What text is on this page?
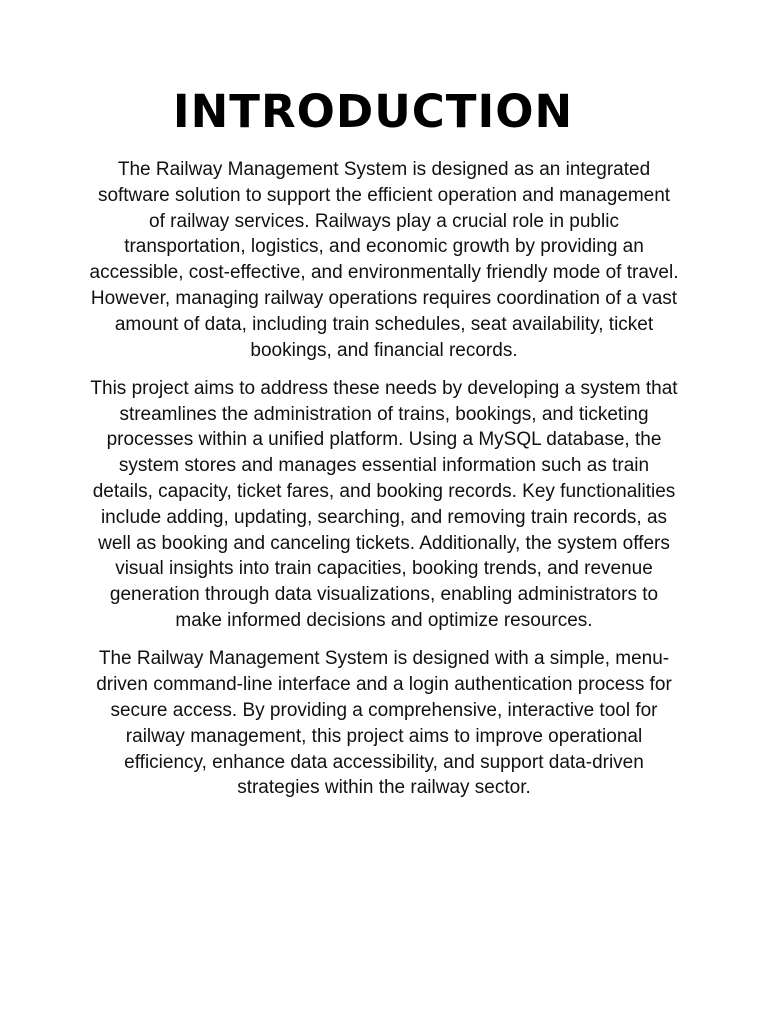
INTRODUCTION

The Railway Management System is designed as an integrated software solution to support the efficient operation and management of railway services. Railways play a crucial role in public transportation, logistics, and economic growth by providing an accessible, cost-effective, and environmentally friendly mode of travel. However, managing railway operations requires coordination of a vast amount of data, including train schedules, seat availability, ticket bookings, and financial records.

This project aims to address these needs by developing a system that streamlines the administration of trains, bookings, and ticketing processes within a unified platform. Using a MySQL database, the system stores and manages essential information such as train details, capacity, ticket fares, and booking records. Key functionalities include adding, updating, searching, and removing train records, as well as booking and canceling tickets. Additionally, the system offers visual insights into train capacities, booking trends, and revenue generation through data visualizations, enabling administrators to make informed decisions and optimize resources.

The Railway Management System is designed with a simple, menu-driven command-line interface and a login authentication process for secure access. By providing a comprehensive, interactive tool for railway management, this project aims to improve operational efficiency, enhance data accessibility, and support data-driven strategies within the railway sector.
